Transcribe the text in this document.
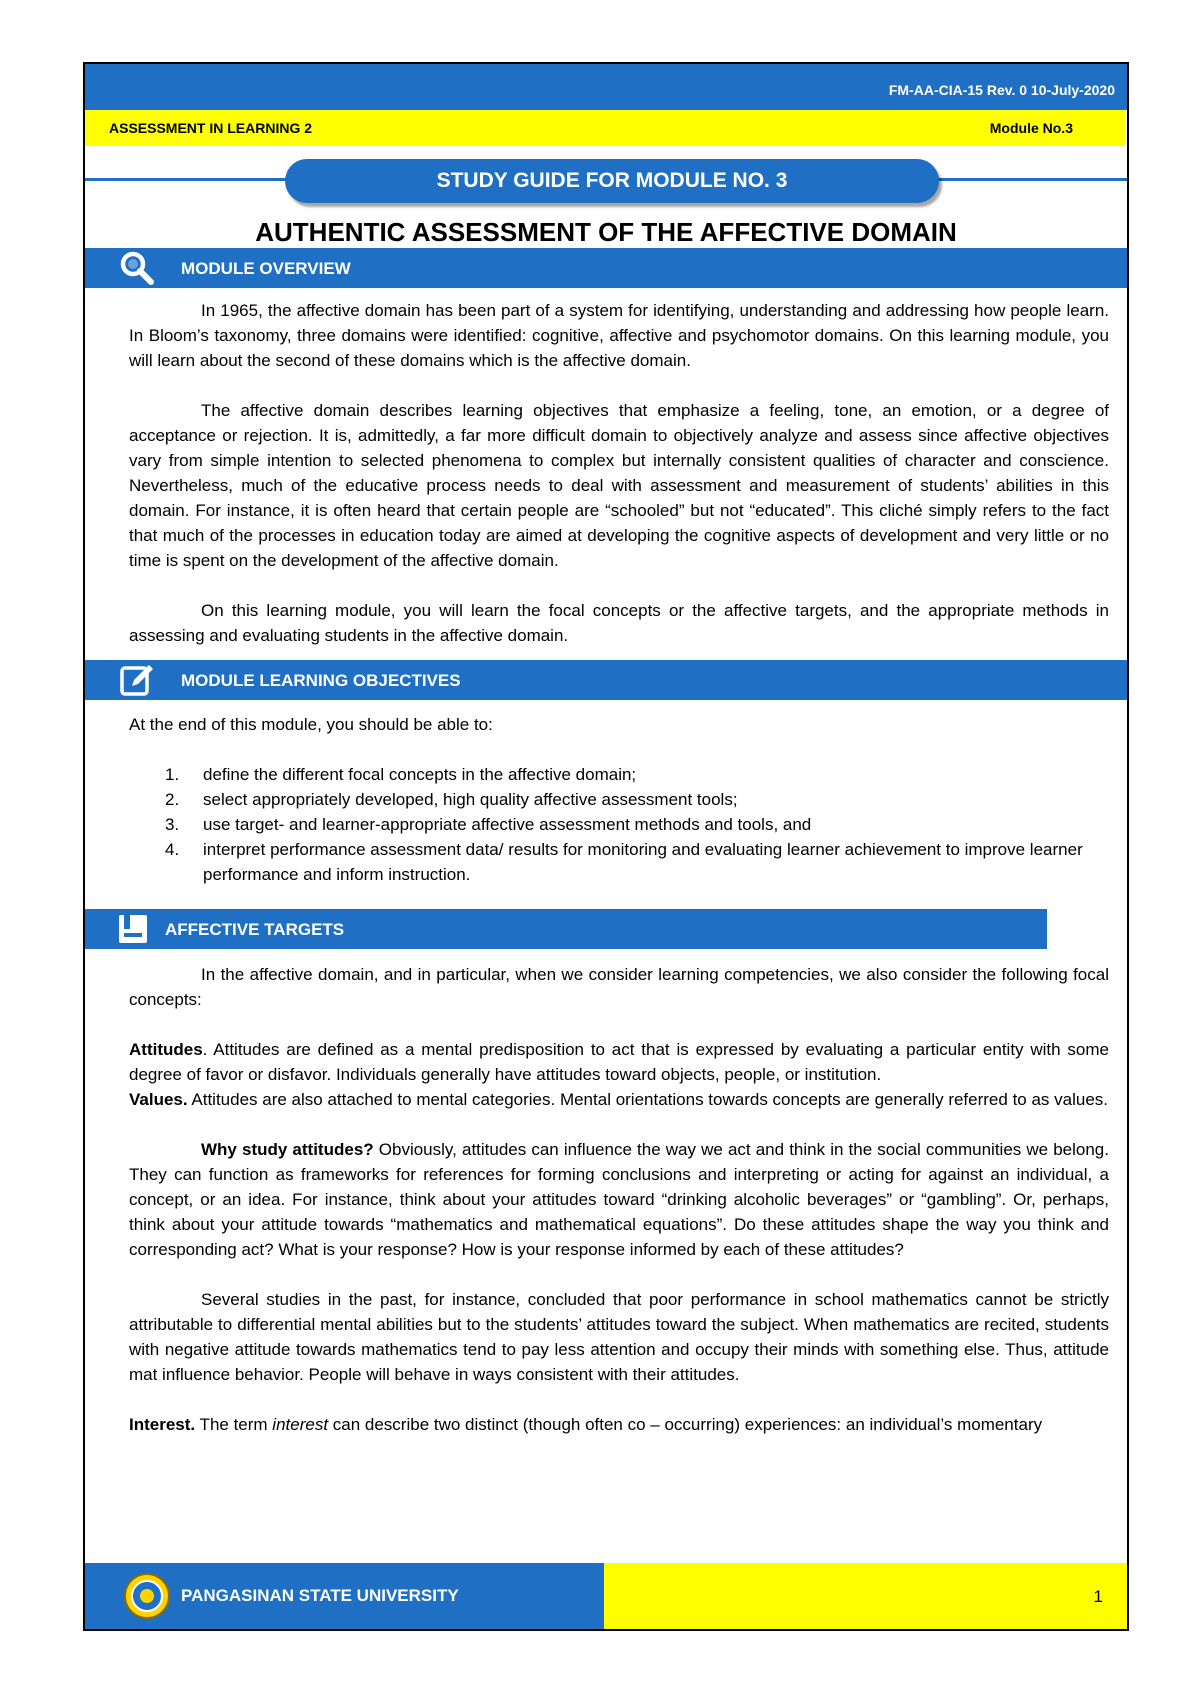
FM-AA-CIA-15 Rev. 0 10-July-2020
ASSESSMENT IN LEARNING 2	Module No.3
STUDY GUIDE FOR MODULE NO. 3
AUTHENTIC ASSESSMENT OF THE AFFECTIVE DOMAIN
MODULE OVERVIEW

In 1965, the affective domain has been part of a system for identifying, understanding and addressing how people learn. In Bloom’s taxonomy, three domains were identified: cognitive, affective and psychomotor domains. On this learning module, you will learn about the second of these domains which is the affective domain.

The affective domain describes learning objectives that emphasize a feeling, tone, an emotion, or a degree of acceptance or rejection. It is, admittedly, a far more difficult domain to objectively analyze and assess since affective objectives vary from simple intention to selected phenomena to complex but internally consistent qualities of character and conscience. Nevertheless, much of the educative process needs to deal with assessment and measurement of students’ abilities in this domain. For instance, it is often heard that certain people are “schooled” but not “educated”. This cliché simply refers to the fact that much of the processes in education today are aimed at developing the cognitive aspects of development and very little or no time is spent on the development of the affective domain.

On this learning module, you will learn the focal concepts or the affective targets, and the appropriate methods in assessing and evaluating students in the affective domain.

MODULE LEARNING OBJECTIVES

At the end of this module, you should be able to:

1. define the different focal concepts in the affective domain;
2. select appropriately developed, high quality affective assessment tools;
3. use target- and learner-appropriate affective assessment methods and tools, and
4. interpret performance assessment data/ results for monitoring and evaluating learner achievement to improve learner performance and inform instruction.
AFFECTIVE TARGETS

In the affective domain, and in particular, when we consider learning competencies, we also consider the following focal concepts:

Attitudes. Attitudes are defined as a mental predisposition to act that is expressed by evaluating a particular entity with some degree of favor or disfavor. Individuals generally have attitudes toward objects, people, or institution.

Values. Attitudes are also attached to mental categories. Mental orientations towards concepts are generally referred to as values.

Why study attitudes? Obviously, attitudes can influence the way we act and think in the social communities we belong. They can function as frameworks for references for forming conclusions and interpreting or acting for against an individual, a concept, or an idea. For instance, think about your attitudes toward “drinking alcoholic beverages” or “gambling”. Or, perhaps, think about your attitude towards “mathematics and mathematical equations”. Do these attitudes shape the way you think and corresponding act? What is your response? How is your response informed by each of these attitudes?

Several studies in the past, for instance, concluded that poor performance in school mathematics cannot be strictly attributable to differential mental abilities but to the students’ attitudes toward the subject. When mathematics are recited, students with negative attitude towards mathematics tend to pay less attention and occupy their minds with something else. Thus, attitude mat influence behavior. People will behave in ways consistent with their attitudes.

Interest. The term interest can describe two distinct (though often co – occurring) experiences: an individual’s momentary

PANGASINAN STATE UNIVERSITY	1
